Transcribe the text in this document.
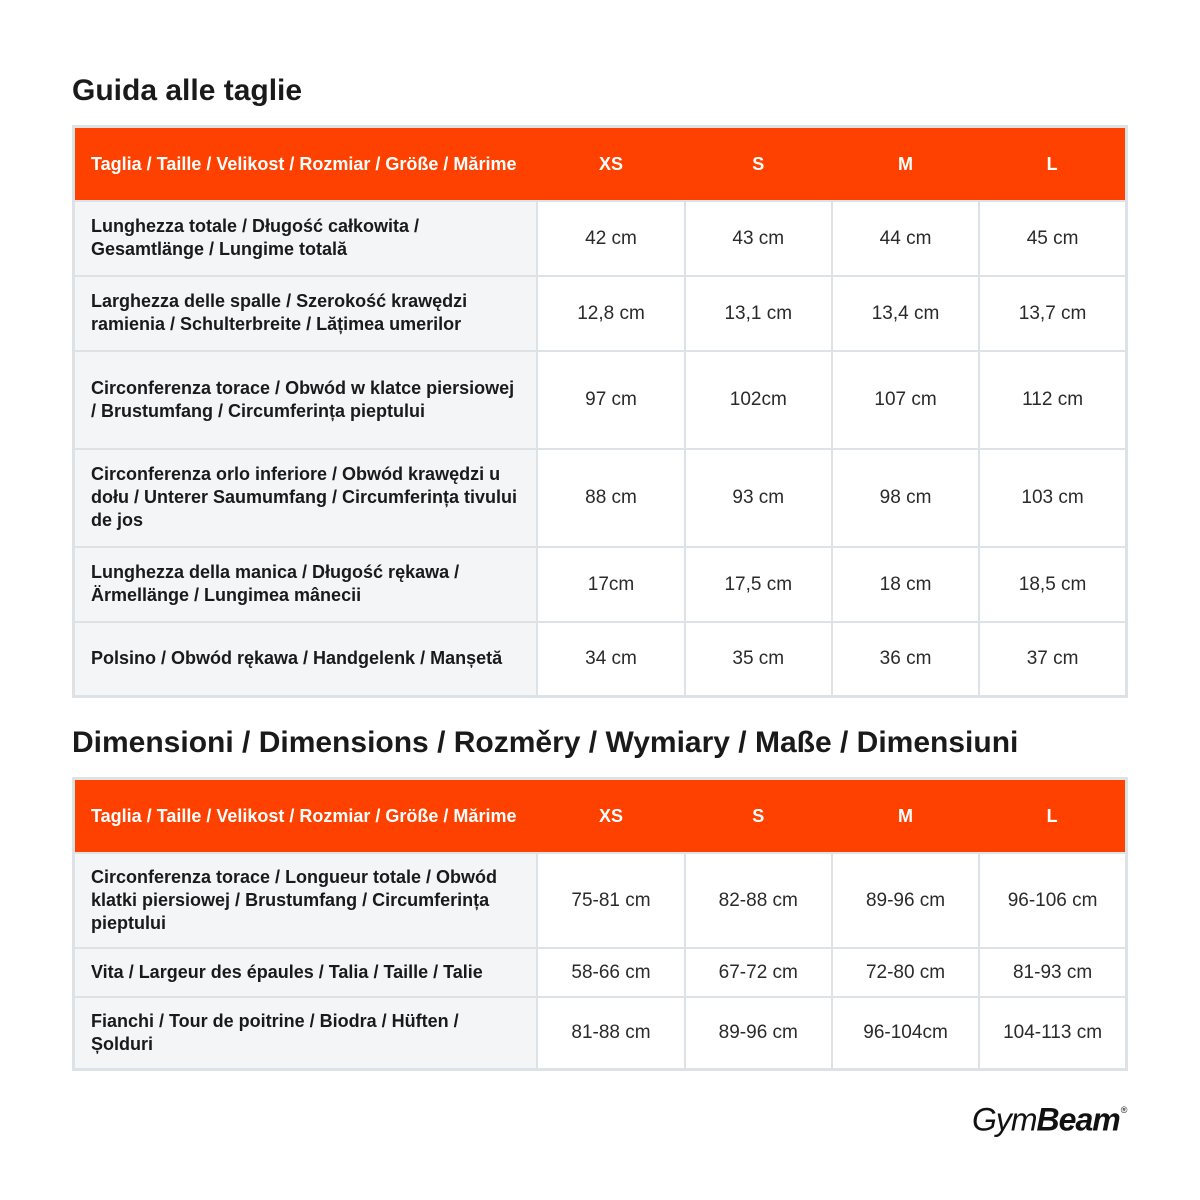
Guida alle taglie
Taglia / Taille / Velikost / Rozmiar / Größe / Mărime	XS	S	M	L
Lunghezza totale / Długość całkowita / Gesamtlänge / Lungime totală	42 cm	43 cm	44 cm	45 cm
Larghezza delle spalle / Szerokość krawędzi ramienia / Schulterbreite / Lățimea umerilor	12,8 cm	13,1 cm	13,4 cm	13,7 cm
Circonferenza torace / Obwód w klatce piersiowej / Brustumfang / Circumferința pieptului	97 cm	102cm	107 cm	112 cm
Circonferenza orlo inferiore / Obwód krawędzi u dołu / Unterer Saumumfang / Circumferința tivului de jos	88 cm	93 cm	98 cm	103 cm
Lunghezza della manica / Długość rękawa / Ärmellänge / Lungimea mânecii	17cm	17,5 cm	18 cm	18,5 cm
Polsino / Obwód rękawa / Handgelenk / Manșetă	34 cm	35 cm	36 cm	37 cm
Dimensioni / Dimensions / Rozměry / Wymiary / Maße / Dimensiuni
Taglia / Taille / Velikost / Rozmiar / Größe / Mărime	XS	S	M	L
Circonferenza torace / Longueur totale / Obwód klatki piersiowej / Brustumfang / Circumferința pieptului	75-81 cm	82-88 cm	89-96 cm	96-106 cm
Vita / Largeur des épaules / Talia / Taille / Talie	58-66 cm	67-72 cm	72-80 cm	81-93 cm
Fianchi / Tour de poitrine / Biodra / Hüften / Șolduri	81-88 cm	89-96 cm	96-104cm	104-113 cm
GymBeam®
